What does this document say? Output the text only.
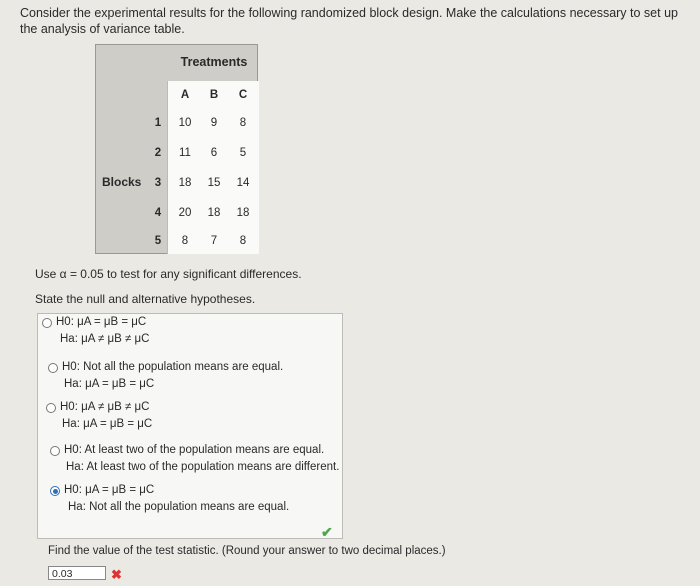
Consider the experimental results for the following randomized block design. Make the calculations necessary to set up the analysis of variance table.
Treatments
Blocks
A	B	C
1	10	9	8
2	11	6	5
3	18	15	14
4	20	18	18
5	8	7	8
Use α = 0.05 to test for any significant differences.
State the null and alternative hypotheses.
H0: μA = μB = μC
Ha: μA ≠ μB ≠ μC
H0: Not all the population means are equal.
Ha: μA = μB = μC
H0: μA ≠ μB ≠ μC
Ha: μA = μB = μC
H0: At least two of the population means are equal.
Ha: At least two of the population means are different.
H0: μA = μB = μC
Ha: Not all the population means are equal.
✔
Find the value of the test statistic. (Round your answer to two decimal places.)
0.03	✖
